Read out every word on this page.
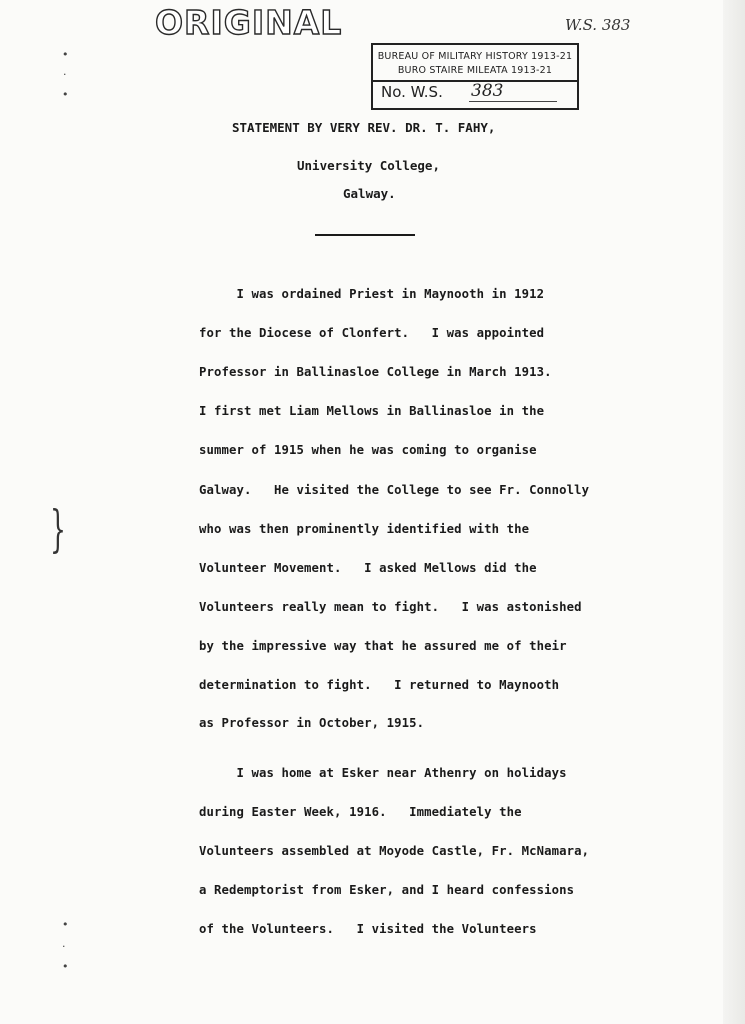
ORIGINAL	W.S. 383
BUREAU OF MILITARY HISTORY 1913-21
BURO STAIRE MILEATA 1913-21
No. W.S. 383
STATEMENT BY VERY REV. DR. T. FAHY,
University College,
Galway.
I was ordained Priest in Maynooth in 1912
for the Diocese of Clonfert.   I was appointed
Professor in Ballinasloe College in March 1913.
I first met Liam Mellows in Ballinasloe in the
summer of 1915 when he was coming to organise
Galway.   He visited the College to see Fr. Connolly
who was then prominently identified with the
Volunteer Movement.   I asked Mellows did the
Volunteers really mean to fight.   I was astonished
by the impressive way that he assured me of their
determination to fight.   I returned to Maynooth
as Professor in October, 1915.
I was home at Esker near Athenry on holidays
during Easter Week, 1916.   Immediately the
Volunteers assembled at Moyode Castle, Fr. McNamara,
a Redemptorist from Esker, and I heard confessions
of the Volunteers.   I visited the Volunteers
•
·
•
}
•
·
•
